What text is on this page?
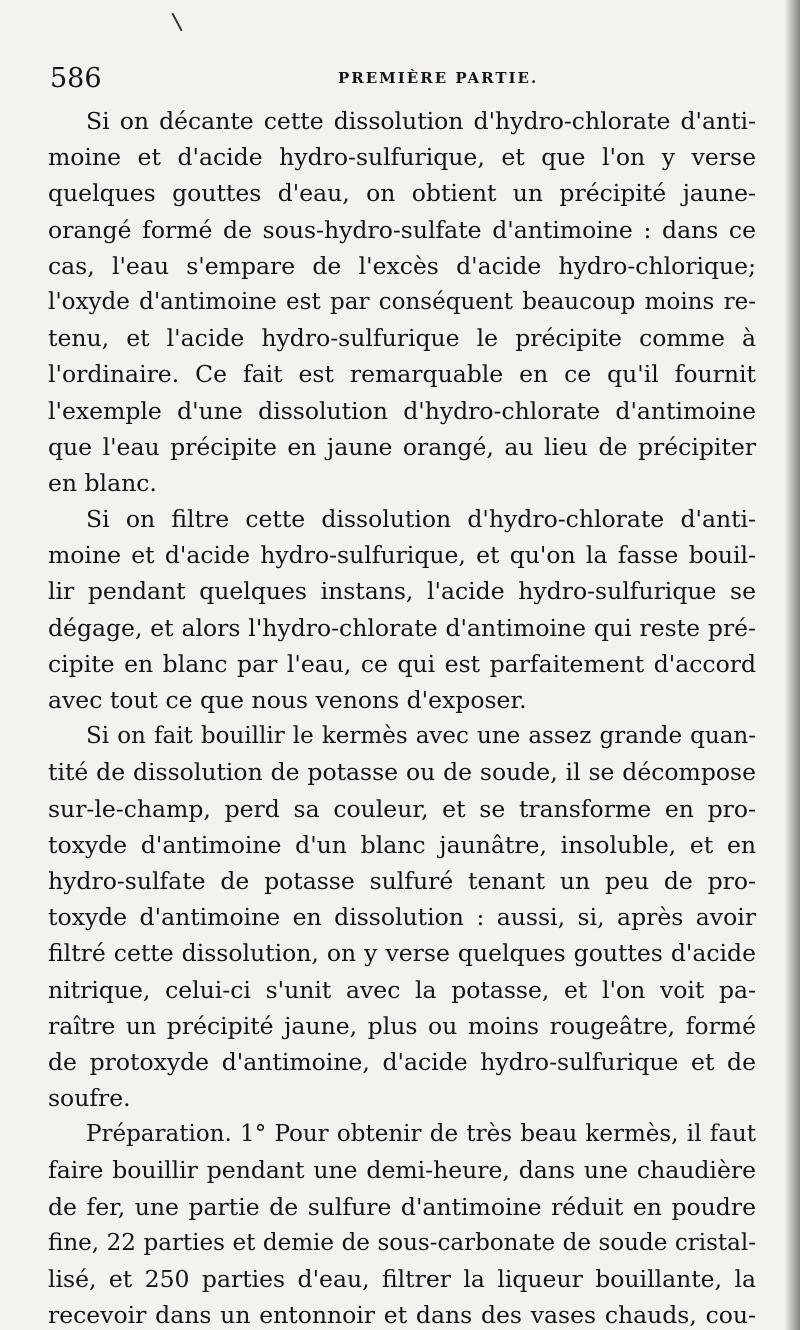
586	PREMIÈRE PARTIE.
Si on décante cette dissolution d'hydro-chlorate d'anti-
moine et d'acide hydro-sulfurique, et que l'on y verse
quelques gouttes d'eau, on obtient un précipité jaune-
orangé formé de sous-hydro-sulfate d'antimoine : dans ce
cas, l'eau s'empare de l'excès d'acide hydro-chlorique;
l'oxyde d'antimoine est par conséquent beaucoup moins re-
tenu, et l'acide hydro-sulfurique le précipite comme à
l'ordinaire. Ce fait est remarquable en ce qu'il fournit
l'exemple d'une dissolution d'hydro-chlorate d'antimoine
que l'eau précipite en jaune orangé, au lieu de précipiter
en blanc.
Si on filtre cette dissolution d'hydro-chlorate d'anti-
moine et d'acide hydro-sulfurique, et qu'on la fasse bouil-
lir pendant quelques instans, l'acide hydro-sulfurique se
dégage, et alors l'hydro-chlorate d'antimoine qui reste pré-
cipite en blanc par l'eau, ce qui est parfaitement d'accord
avec tout ce que nous venons d'exposer.
Si on fait bouillir le kermès avec une assez grande quan-
tité de dissolution de potasse ou de soude, il se décompose
sur-le-champ, perd sa couleur, et se transforme en pro-
toxyde d'antimoine d'un blanc jaunâtre, insoluble, et en
hydro-sulfate de potasse sulfuré tenant un peu de pro-
toxyde d'antimoine en dissolution : aussi, si, après avoir
filtré cette dissolution, on y verse quelques gouttes d'acide
nitrique, celui-ci s'unit avec la potasse, et l'on voit pa-
raître un précipité jaune, plus ou moins rougeâtre, formé
de protoxyde d'antimoine, d'acide hydro-sulfurique et de
soufre.
Préparation. 1° Pour obtenir de très beau kermès, il faut
faire bouillir pendant une demi-heure, dans une chaudière
de fer, une partie de sulfure d'antimoine réduit en poudre
fine, 22 parties et demie de sous-carbonate de soude cristal-
lisé, et 250 parties d'eau, filtrer la liqueur bouillante, la
recevoir dans un entonnoir et dans des vases chauds, cou-
